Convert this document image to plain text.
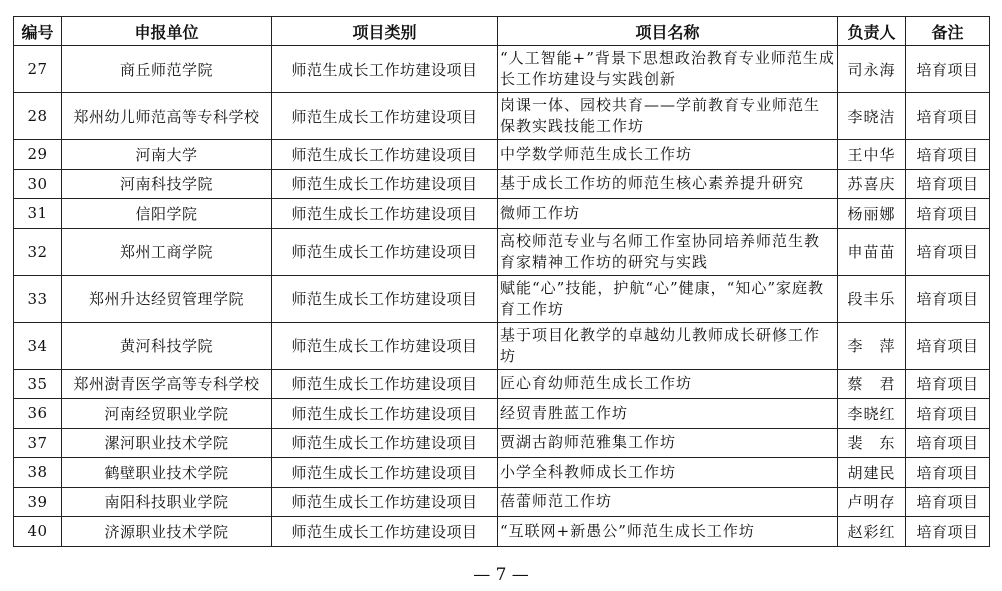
编号	申报单位	项目类别	项目名称	负责人	备注
27	商丘师范学院	师范生成长工作坊建设项目	“人工智能+”背景下思想政治教育专业师范生成长工作坊建设与实践创新	司永海	培育项目
28	郑州幼儿师范高等专科学校	师范生成长工作坊建设项目	岗课一体、园校共育——学前教育专业师范生保教实践技能工作坊	李晓洁	培育项目
29	河南大学	师范生成长工作坊建设项目	中学数学师范生成长工作坊	王中华	培育项目
30	河南科技学院	师范生成长工作坊建设项目	基于成长工作坊的师范生核心素养提升研究	苏喜庆	培育项目
31	信阳学院	师范生成长工作坊建设项目	微师工作坊	杨丽娜	培育项目
32	郑州工商学院	师范生成长工作坊建设项目	高校师范专业与名师工作室协同培养师范生教育家精神工作坊的研究与实践	申苗苗	培育项目
33	郑州升达经贸管理学院	师范生成长工作坊建设项目	赋能“心”技能，护航“心”健康，“知心”家庭教育工作坊	段丰乐	培育项目
34	黄河科技学院	师范生成长工作坊建设项目	基于项目化教学的卓越幼儿教师成长研修工作坊	李　萍	培育项目
35	郑州澍青医学高等专科学校	师范生成长工作坊建设项目	匠心育幼师范生成长工作坊	蔡　君	培育项目
36	河南经贸职业学院	师范生成长工作坊建设项目	经贸青胜蓝工作坊	李晓红	培育项目
37	漯河职业技术学院	师范生成长工作坊建设项目	贾湖古韵师范雅集工作坊	裴　东	培育项目
38	鹤壁职业技术学院	师范生成长工作坊建设项目	小学全科教师成长工作坊	胡建民	培育项目
39	南阳科技职业学院	师范生成长工作坊建设项目	蓓蕾师范工作坊	卢明存	培育项目
40	济源职业技术学院	师范生成长工作坊建设项目	“互联网+新愚公”师范生成长工作坊	赵彩红	培育项目
— 7 —
